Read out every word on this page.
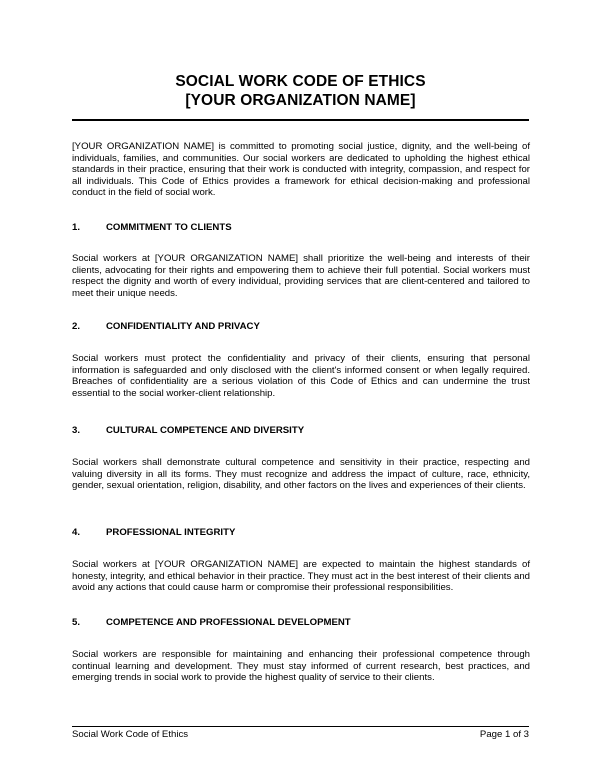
SOCIAL WORK CODE OF ETHICS
[YOUR ORGANIZATION NAME]
[YOUR ORGANIZATION NAME] is committed to promoting social justice, dignity, and the well-being of individuals, families, and communities. Our social workers are dedicated to upholding the highest ethical standards in their practice, ensuring that their work is conducted with integrity, compassion, and respect for all individuals. This Code of Ethics provides a framework for ethical decision-making and professional conduct in the field of social work.
1.	COMMITMENT TO CLIENTS
Social workers at [YOUR ORGANIZATION NAME] shall prioritize the well-being and interests of their clients, advocating for their rights and empowering them to achieve their full potential. Social workers must respect the dignity and worth of every individual, providing services that are client-centered and tailored to meet their unique needs.
2.	CONFIDENTIALITY AND PRIVACY
Social workers must protect the confidentiality and privacy of their clients, ensuring that personal information is safeguarded and only disclosed with the client's informed consent or when legally required. Breaches of confidentiality are a serious violation of this Code of Ethics and can undermine the trust essential to the social worker-client relationship.
3.	CULTURAL COMPETENCE AND DIVERSITY
Social workers shall demonstrate cultural competence and sensitivity in their practice, respecting and valuing diversity in all its forms. They must recognize and address the impact of culture, race, ethnicity, gender, sexual orientation, religion, disability, and other factors on the lives and experiences of their clients.
4.	PROFESSIONAL INTEGRITY
Social workers at [YOUR ORGANIZATION NAME] are expected to maintain the highest standards of honesty, integrity, and ethical behavior in their practice. They must act in the best interest of their clients and avoid any actions that could cause harm or compromise their professional responsibilities.
5.	COMPETENCE AND PROFESSIONAL DEVELOPMENT
Social workers are responsible for maintaining and enhancing their professional competence through continual learning and development. They must stay informed of current research, best practices, and emerging trends in social work to provide the highest quality of service to their clients.
Social Work Code of Ethics	Page 1 of 3
